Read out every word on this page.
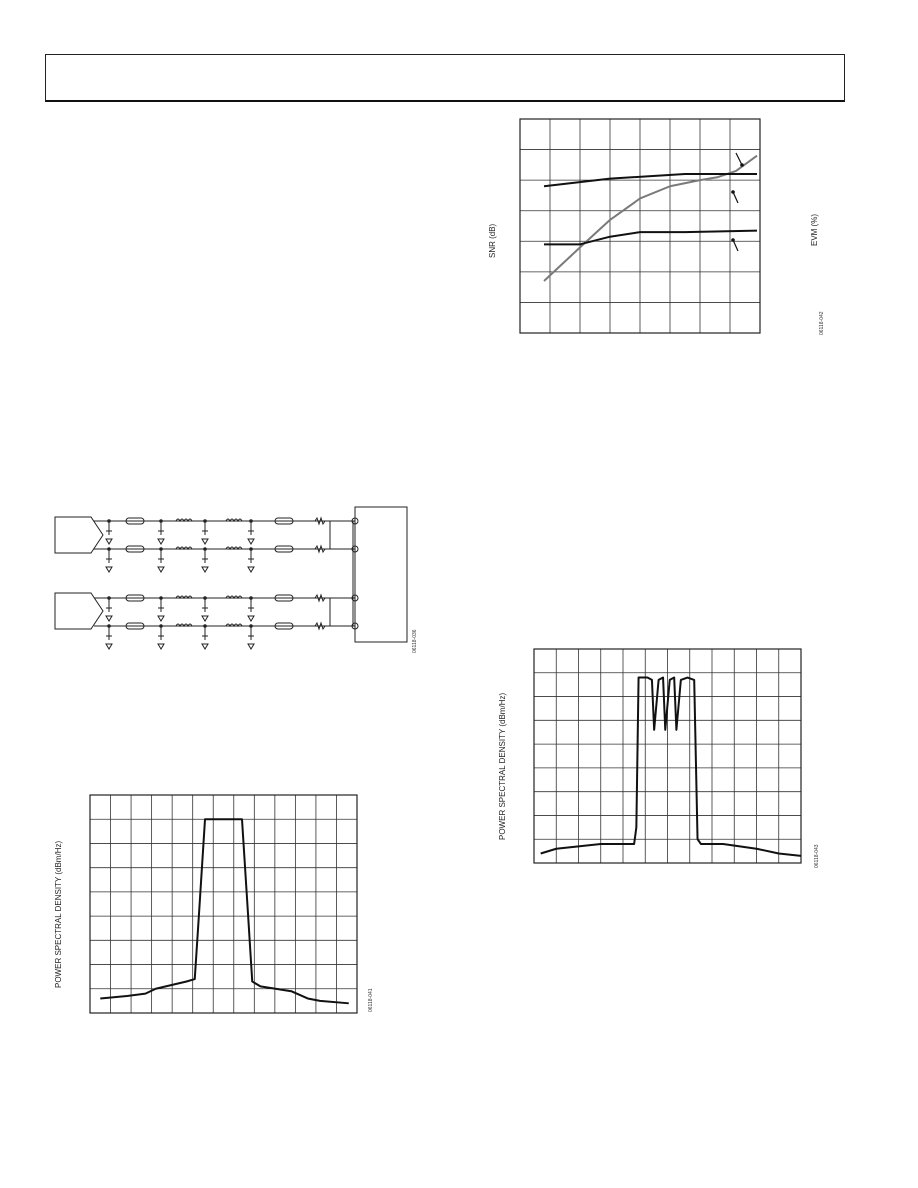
SNR (dB)	EVM (%)
06118-042
06118-036
POWER SPECTRAL DENSITY (dBm/Hz)
06118-041
POWER SPECTRAL DENSITY (dBm/Hz)
06118-043
